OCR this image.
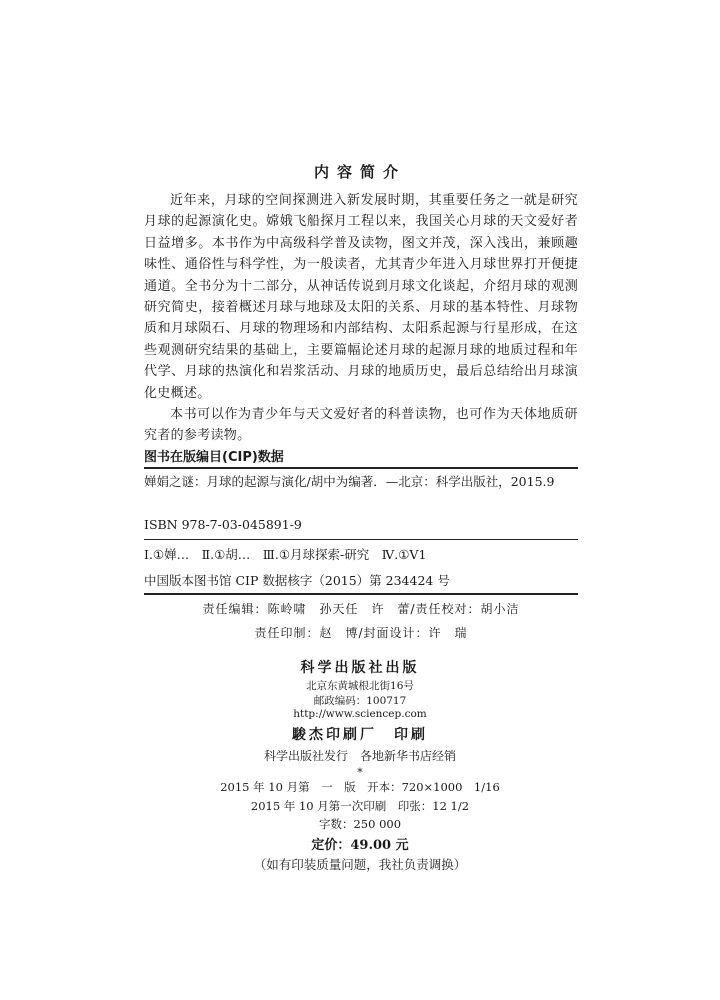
内容简介

近年来，月球的空间探测进入新发展时期，其重要任务之一就是研究月球的起源演化史。嫦娥飞船探月工程以来，我国关心月球的天文爱好者日益增多。本书作为中高级科学普及读物，图文并茂，深入浅出，兼顾趣味性、通俗性与科学性，为一般读者，尤其青少年进入月球世界打开便捷通道。全书分为十二部分，从神话传说到月球文化谈起，介绍月球的观测研究简史，接着概述月球与地球及太阳的关系、月球的基本特性、月球物质和月球陨石、月球的物理场和内部结构、太阳系起源与行星形成，在这些观测研究结果的基础上，主要篇幅论述月球的起源月球的地质过程和年代学、月球的热演化和岩浆活动、月球的地质历史，最后总结给出月球演化史概述。

本书可以作为青少年与天文爱好者的科普读物，也可作为天体地质研究者的参考读物。

图书在版编目(CIP)数据
婵娟之谜：月球的起源与演化/胡中为编著．—北京：科学出版社，2015.9
ISBN 978-7-03-045891-9
Ⅰ.①婵…　Ⅱ.①胡…　Ⅲ.①月球探索-研究　Ⅳ.①V1
中国版本图书馆 CIP 数据核字（2015）第 234424 号
责任编辑：陈岭啸　孙天任　许　蕾/责任校对：胡小洁
责任印制：赵　博/封面设计：许　瑞
科学出版社出版
北京东黄城根北街16号
邮政编码：100717
http://www.sciencep.com
駿杰印刷厂　印刷
科学出版社发行　各地新华书店经销
*
2015 年 10 月第　一　版　开本：720×1000　1/16
2015 年 10 月第一次印刷　印张：12 1/2
字数：250 000
定价：49.00 元
（如有印装质量问题，我社负责调换）
